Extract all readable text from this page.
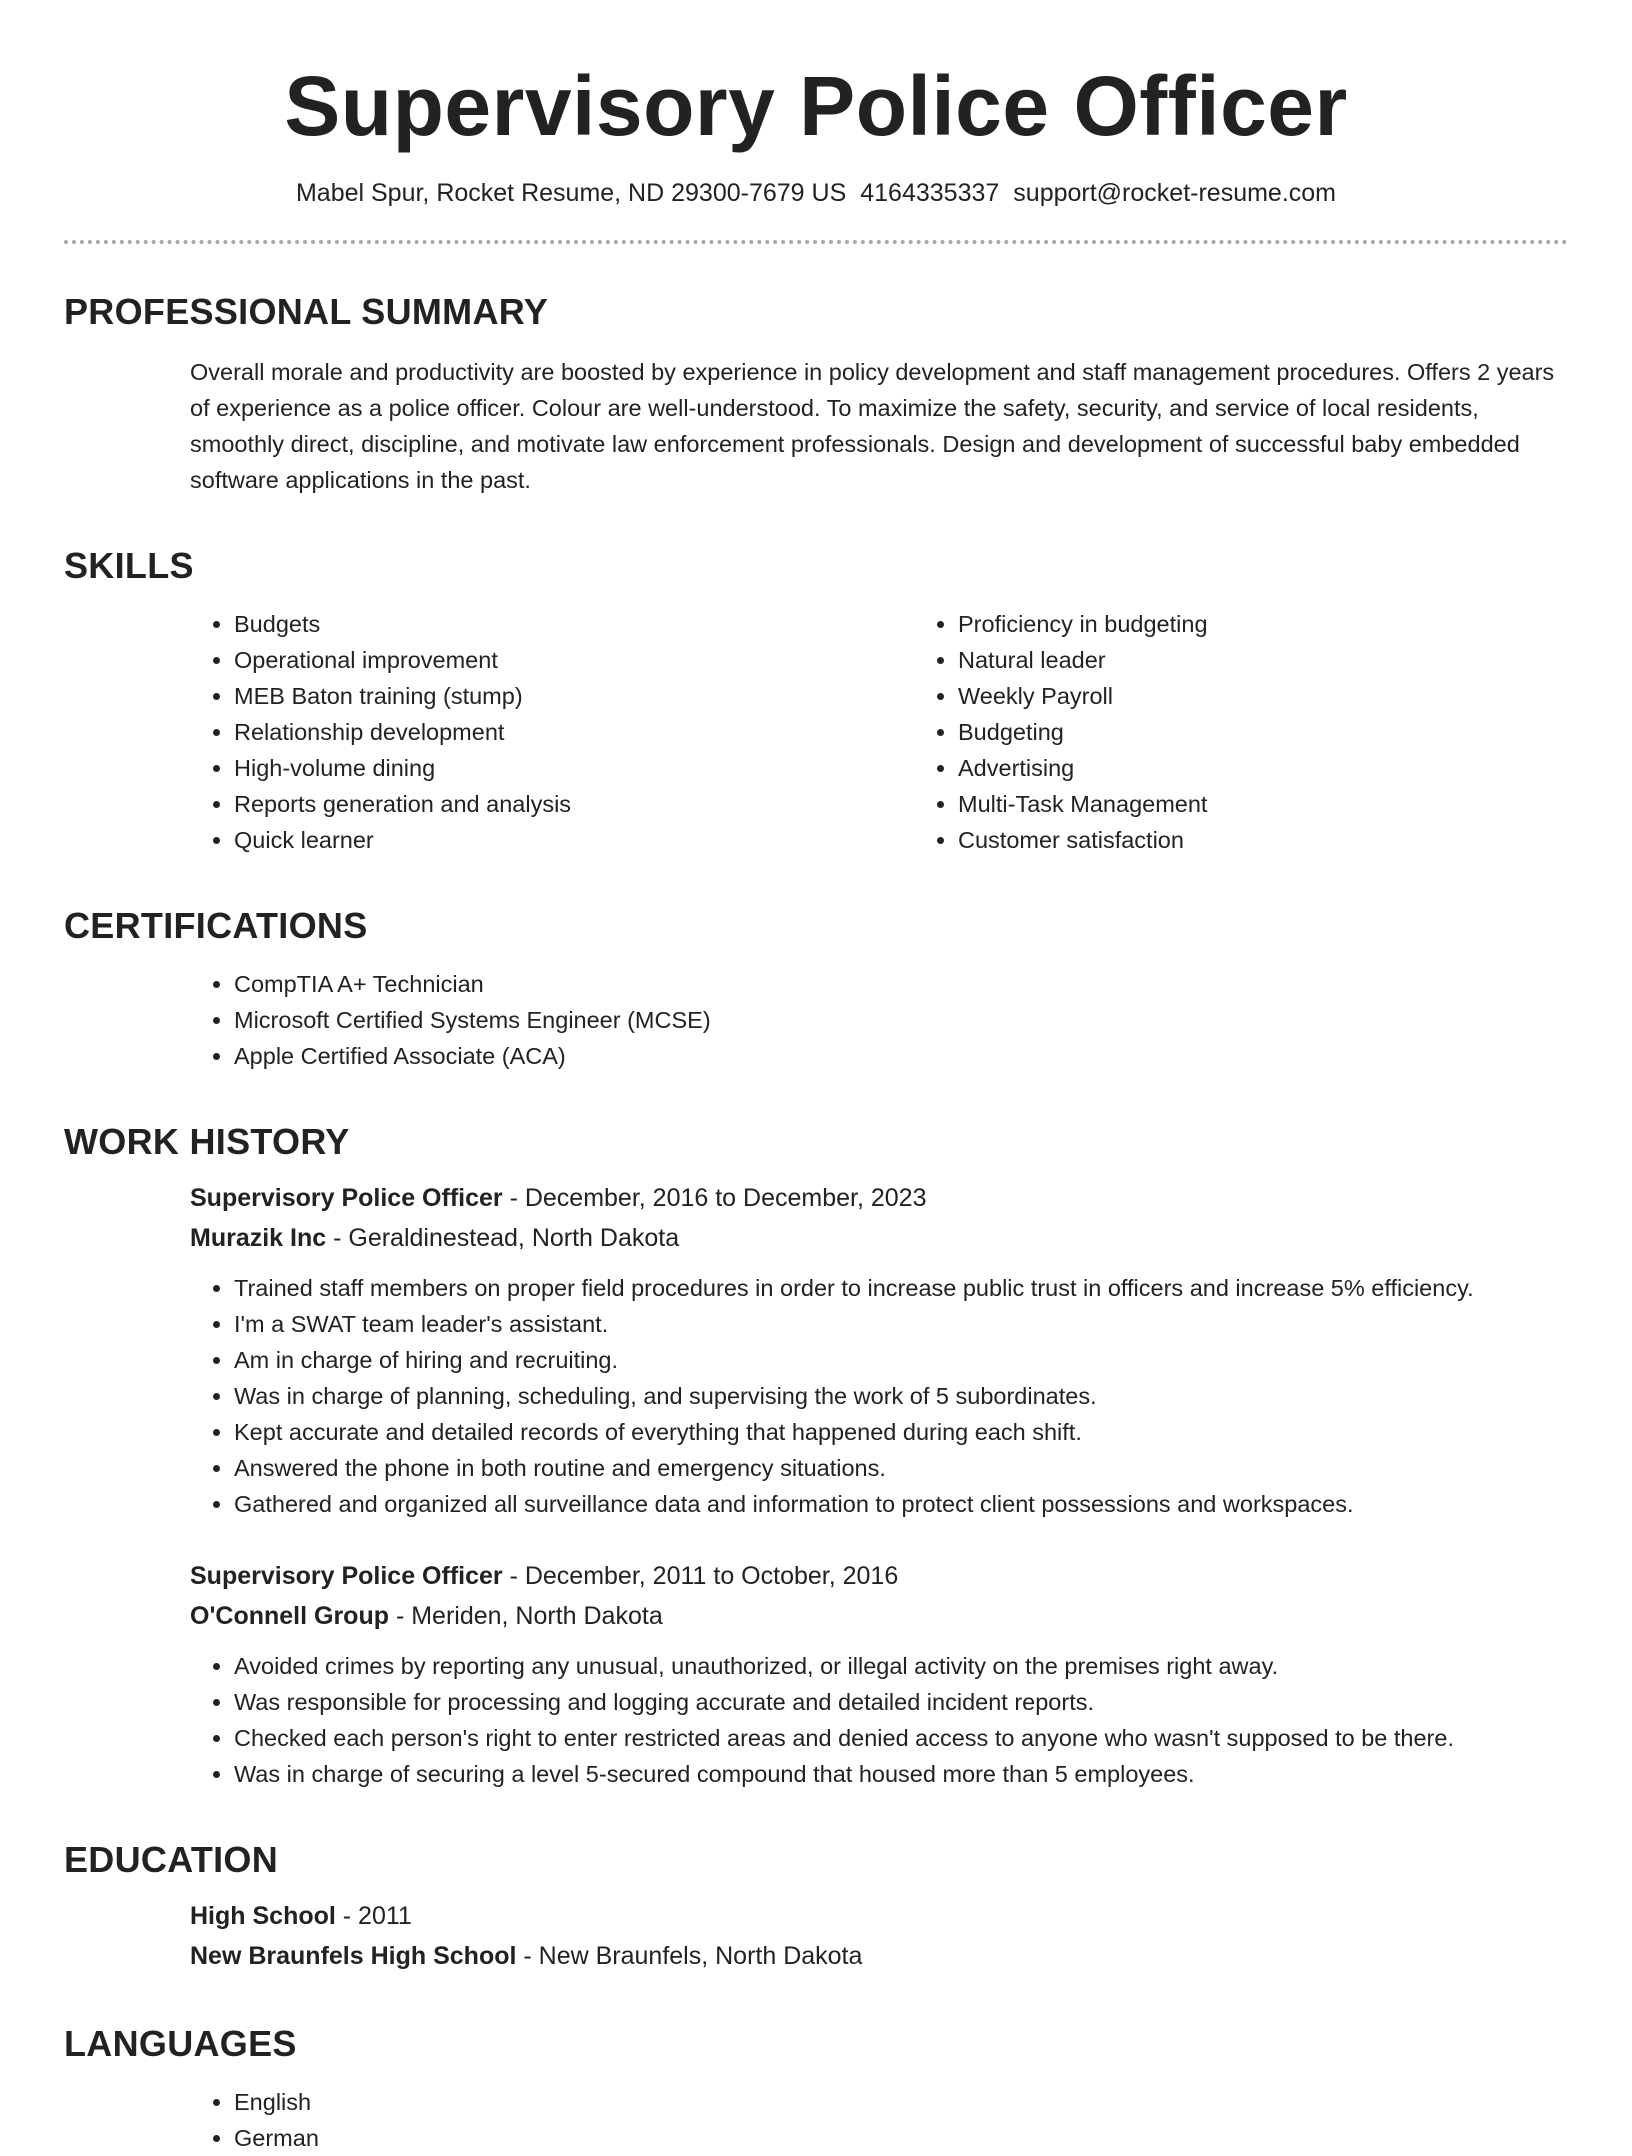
Supervisory Police Officer
Mabel Spur, Rocket Resume, ND 29300-7679 US 4164335337 support@rocket-resume.com
PROFESSIONAL SUMMARY
Overall morale and productivity are boosted by experience in policy development and staff management procedures. Offers 2 years of experience as a police officer. Colour are well-understood. To maximize the safety, security, and service of local residents, smoothly direct, discipline, and motivate law enforcement professionals. Design and development of successful baby embedded software applications in the past.
SKILLS
• Budgets
• Operational improvement
• MEB Baton training (stump)
• Relationship development
• High-volume dining
• Reports generation and analysis
• Quick learner
• Proficiency in budgeting
• Natural leader
• Weekly Payroll
• Budgeting
• Advertising
• Multi-Task Management
• Customer satisfaction
CERTIFICATIONS
• CompTIA A+ Technician
• Microsoft Certified Systems Engineer (MCSE)
• Apple Certified Associate (ACA)
WORK HISTORY
Supervisory Police Officer - December, 2016 to December, 2023
Murazik Inc - Geraldinestead, North Dakota
• Trained staff members on proper field procedures in order to increase public trust in officers and increase 5% efficiency.
• I'm a SWAT team leader's assistant.
• Am in charge of hiring and recruiting.
• Was in charge of planning, scheduling, and supervising the work of 5 subordinates.
• Kept accurate and detailed records of everything that happened during each shift.
• Answered the phone in both routine and emergency situations.
• Gathered and organized all surveillance data and information to protect client possessions and workspaces.
Supervisory Police Officer - December, 2011 to October, 2016
O'Connell Group - Meriden, North Dakota
• Avoided crimes by reporting any unusual, unauthorized, or illegal activity on the premises right away.
• Was responsible for processing and logging accurate and detailed incident reports.
• Checked each person's right to enter restricted areas and denied access to anyone who wasn't supposed to be there.
• Was in charge of securing a level 5-secured compound that housed more than 5 employees.
EDUCATION
High School - 2011
New Braunfels High School - New Braunfels, North Dakota
LANGUAGES
• English
• German
